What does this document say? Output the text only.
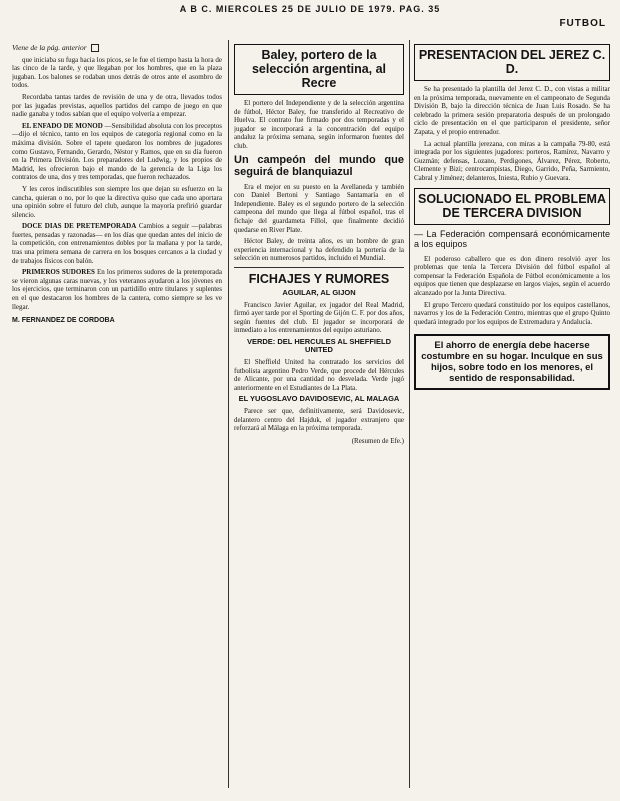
A B C. MIERCOLES 25 DE JULIO DE 1979. PAG. 35
FUTBOL
Viene de la pág. anterior

que iniciaba su fuga hacia los picos, se le fue el tiempo hasta la hora de las cinco de la tarde, y que llegaban por los hombres, que en la plaza jugaban. Los balones se rodaban unos detrás de otros ante el asombro de todos.

Recordaba tantas tardes de revisión de una y de otra, llevados todos por las jugadas previstas, aquellos partidos del campo de juego en que nadie ganaba y todos sabían que el equipo volvería a empezar.

EL ENFADO DE MONOD —Sensibilidad absoluta con los preceptos —dijo el técnico, tanto en los equipos de categoría regional como en la máxima división. Sobre el tapete quedaron los nombres de jugadores como Gustavo, Fernando, Gerardo, Néstor y Ramos, que en su día fueron en la Primera División. Los preparadores del Ludwig, y los propios de Madrid, les ofrecieron bajo el mando de la gerencia de la Liga los contratos de una, dos y tres temporadas, que fueron rechazados.

Y les ceros indiscutibles son siempre los que dejan su esfuerzo en la cancha, quieran o no, por lo que la directiva quiso que cada uno aportara una opinión sobre el futuro del club, aunque la mayoría prefirió guardar silencio.

DOCE DIAS DE PRETEMPORADA Cambios a seguir —palabras fuertes, pensadas y razonadas— en los días que quedan antes del inicio de la competición, con entrenamientos dobles por la mañana y por la tarde, tras una primera semana de carrera en los bosques cercanos a la ciudad y de trabajos físicos con balón.

PRIMEROS SUDORES En los primeros sudores de la pretemporada se vieron algunas caras nuevas, y los veteranos ayudaron a los jóvenes en los ejercicios, que terminaron con un partidillo entre titulares y suplentes en el que destacaron los hombres de la cantera, como siempre se les ve llegar.

M. FERNANDEZ DE CORDOBA
Baley, portero de la selección argentina, al Recre

El portero del Independiente y de la selección argentina de fútbol, Héctor Baley, fue transferido al Recreativo de Huelva. El contrato fue firmado por dos temporadas y el jugador se incorporará a la concentración del equipo andaluz la próxima semana, según informaron fuentes del club.

Un campeón del mundo que seguirá de blanquiazul

Era el mejor en su puesto en la Avellaneda y también con Daniel Bertoni y Santiago Santamaría en el Independiente. Baley es el segundo portero de la selección campeona del mundo que llega al fútbol español, tras el fichaje del guardameta Fillol, que finalmente decidió quedarse en River Plate.

Héctor Baley, de treinta años, es un hombre de gran experiencia internacional y ha defendido la portería de la selección en numerosos partidos, incluido el Mundial.

FICHAJES Y RUMORES
AGUILAR, AL GIJON

Francisco Javier Aguilar, ex jugador del Real Madrid, firmó ayer tarde por el Sporting de Gijón C. F. por dos años, según fuentes del club. El jugador se incorporará de inmediato a los entrenamientos del equipo asturiano.

VERDE: DEL HERCULES AL SHEFFIELD UNITED

El Sheffield United ha contratado los servicios del futbolista argentino Pedro Verde, que procede del Hércules de Alicante, por una cantidad no desvelada. Verde jugó anteriormente en el Estudiantes de La Plata.

EL YUGOSLAVO DAVIDOSEVIC, AL MALAGA

Parece ser que, definitivamente, será Davidosevic, delantero centro del Hajduk, el jugador extranjero que reforzará al Málaga en la próxima temporada.

(Resumen de Efe.)
PRESENTACION DEL JEREZ C. D.

Se ha presentado la plantilla del Jerez C. D., con vistas a militar en la próxima temporada, nuevamente en el campeonato de Segunda División B, bajo la dirección técnica de Juan Luis Rosado. Se ha celebrado la primera sesión preparatoria después de un prolongado ciclo de presentación en el que participaron el presidente, señor Zapata, y el propio entrenador.

La actual plantilla jerezana, con miras a la campaña 79-80, está integrada por los siguientes jugadores: porteros, Ramírez, Navarro y Guzmán; defensas, Lozano, Perdigones, Álvarez, Pérez, Roberto, Clemente y Bizi; centrocampistas, Diego, Garrido, Peña, Sarmiento, Cabral y Jiménez; delanteros, Iniesta, Rubio y Guevara.

SOLUCIONADO EL PROBLEMA DE TERCERA DIVISION
— La Federación compensará económicamente a los equipos

El poderoso caballero que es don dinero resolvió ayer los problemas que tenía la Tercera División del fútbol español al compensar la Federación Española de Fútbol económicamente a los equipos que tienen que desplazarse en largos viajes, según el acuerdo alcanzado por la Junta Directiva.

El grupo Tercero quedará constituido por los equipos castellanos, navarros y los de la Federación Centro, mientras que el grupo Quinto quedará integrado por los equipos de Extremadura y Andalucía.

El ahorro de energía debe hacerse costumbre en su hogar. Inculque en sus hijos, sobre todo en los menores, el sentido de responsabilidad.
